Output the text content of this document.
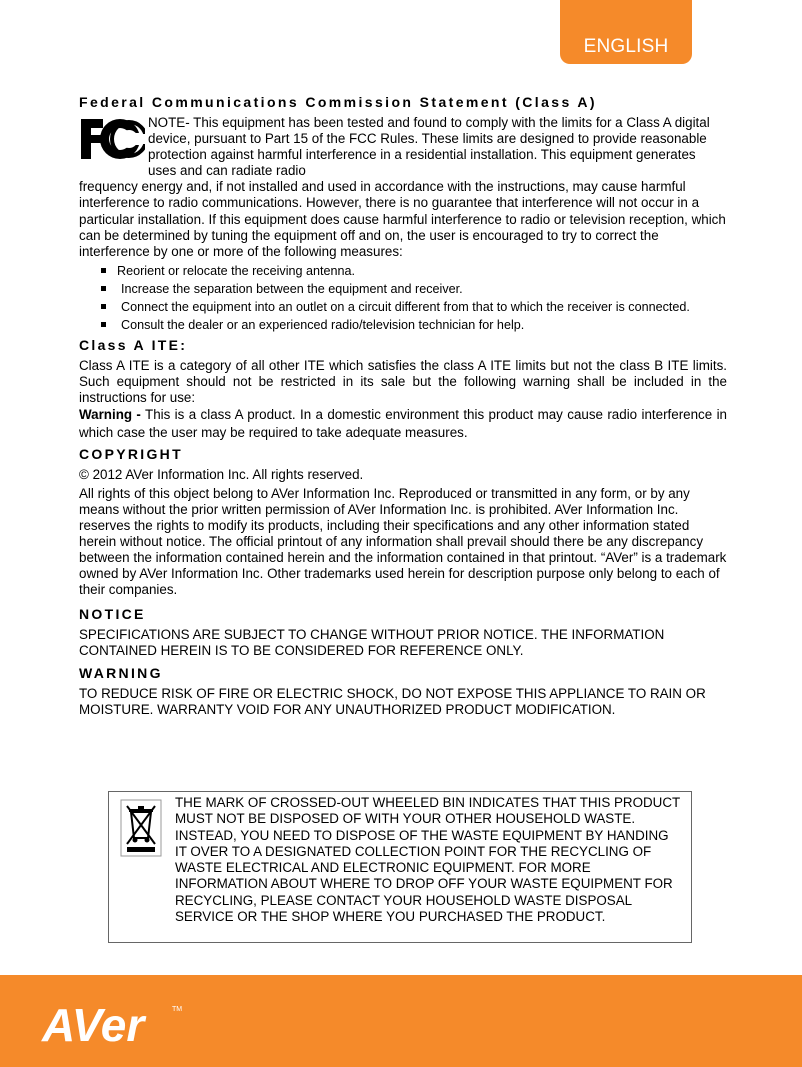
ENGLISH
Federal Communications Commission Statement (Class A)
FC	NOTE- This equipment has been tested and found to comply with the limits for a Class A digital device, pursuant to Part 15 of the FCC Rules. These limits are designed to provide reasonable protection against harmful interference in a residential installation. This equipment generates uses and can radiate radio

frequency energy and, if not installed and used in accordance with the instructions, may cause harmful interference to radio communications. However, there is no guarantee that interference will not occur in a particular installation. If this equipment does cause harmful interference to radio or television reception, which can be determined by tuning the equipment off and on, the user is encouraged to try to correct the interference by one or more of the following measures:

Reorient or relocate the receiving antenna.
Increase the separation between the equipment and receiver.
Connect the equipment into an outlet on a circuit different from that to which the receiver is connected.
Consult the dealer or an experienced radio/television technician for help.
Class A ITE:

Class A ITE is a category of all other ITE which satisfies the class A ITE limits but not the class B ITE limits. Such equipment should not be restricted in its sale but the following warning shall be included in the instructions for use:

Warning - This is a class A product. In a domestic environment this product may cause radio interference in which case the user may be required to take adequate measures.

COPYRIGHT

© 2012 AVer Information Inc. All rights reserved.

All rights of this object belong to AVer Information Inc. Reproduced or transmitted in any form, or by any means without the prior written permission of AVer Information Inc. is prohibited. AVer Information Inc. reserves the rights to modify its products, including their specifications and any other information stated herein without notice. The official printout of any information shall prevail should there be any discrepancy between the information contained herein and the information contained in that printout. “AVer” is a trademark owned by AVer Information Inc. Other trademarks used herein for description purpose only belong to each of their companies.

NOTICE

SPECIFICATIONS ARE SUBJECT TO CHANGE WITHOUT PRIOR NOTICE. THE INFORMATION CONTAINED HEREIN IS TO BE CONSIDERED FOR REFERENCE ONLY.

WARNING

TO REDUCE RISK OF FIRE OR ELECTRIC SHOCK, DO NOT EXPOSE THIS APPLIANCE TO RAIN OR MOISTURE. WARRANTY VOID FOR ANY UNAUTHORIZED PRODUCT MODIFICATION.

THE MARK OF CROSSED-OUT WHEELED BIN INDICATES THAT THIS PRODUCT MUST NOT BE DISPOSED OF WITH YOUR OTHER HOUSEHOLD WASTE. INSTEAD, YOU NEED TO DISPOSE OF THE WASTE EQUIPMENT BY HANDING IT OVER TO A DESIGNATED COLLECTION POINT FOR THE RECYCLING OF WASTE ELECTRICAL AND ELECTRONIC EQUIPMENT. FOR MORE INFORMATION ABOUT WHERE TO DROP OFF YOUR WASTE EQUIPMENT FOR RECYCLING, PLEASE CONTACT YOUR HOUSEHOLD WASTE DISPOSAL SERVICE OR THE SHOP WHERE YOU PURCHASED THE PRODUCT.

AVer	TM
